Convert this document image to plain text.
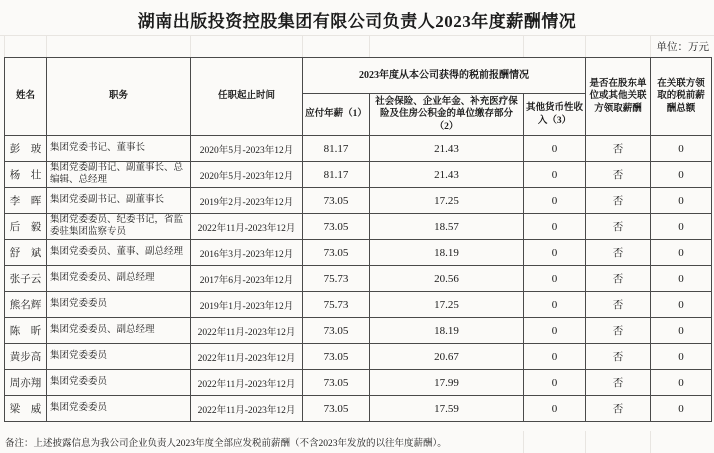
湖南出版投资控股集团有限公司负责人2023年度薪酬情况
单位：万元
姓名	职务	任职起止时间	2023年度从本公司获得的税前报酬情况			是否在股东单位或其他关联方领取薪酬	在关联方领取的税前薪酬总额
			应付年薪（1）	社会保险、企业年金、补充医疗保险及住房公积金的单位缴存部分（2）	其他货币性收入（3）		
彭　玻	集团党委书记、董事长	2020年5月-2023年12月	81.17	21.43	0	否	0
杨　壮	集团党委副书记、副董事长、总编辑、总经理	2020年5月-2023年12月	81.17	21.43	0	否	0
李　晖	集团党委副书记、副董事长	2019年2月-2023年12月	73.05	17.25	0	否	0
后　毅	集团党委委员、纪委书记，省监委驻集团监察专员	2022年11月-2023年12月	73.05	18.57	0	否	0
舒　斌	集团党委委员、董事、副总经理	2016年3月-2023年12月	73.05	18.19	0	否	0
张子云	集团党委委员、副总经理	2017年6月-2023年12月	75.73	20.56	0	否	0
熊名辉	集团党委委员	2019年1月-2023年12月	75.73	17.25	0	否	0
陈　昕	集团党委委员、副总经理	2022年11月-2023年12月	73.05	18.19	0	否	0
黄步高	集团党委委员	2022年11月-2023年12月	73.05	20.67	0	否	0
周亦翔	集团党委委员	2022年11月-2023年12月	73.05	17.99	0	否	0
梁　威	集团党委委员	2022年11月-2023年12月	73.05	17.59	0	否	0
备注：上述披露信息为我公司企业负责人2023年度全部应发税前薪酬（不含2023年发放的以往年度薪酬）。
